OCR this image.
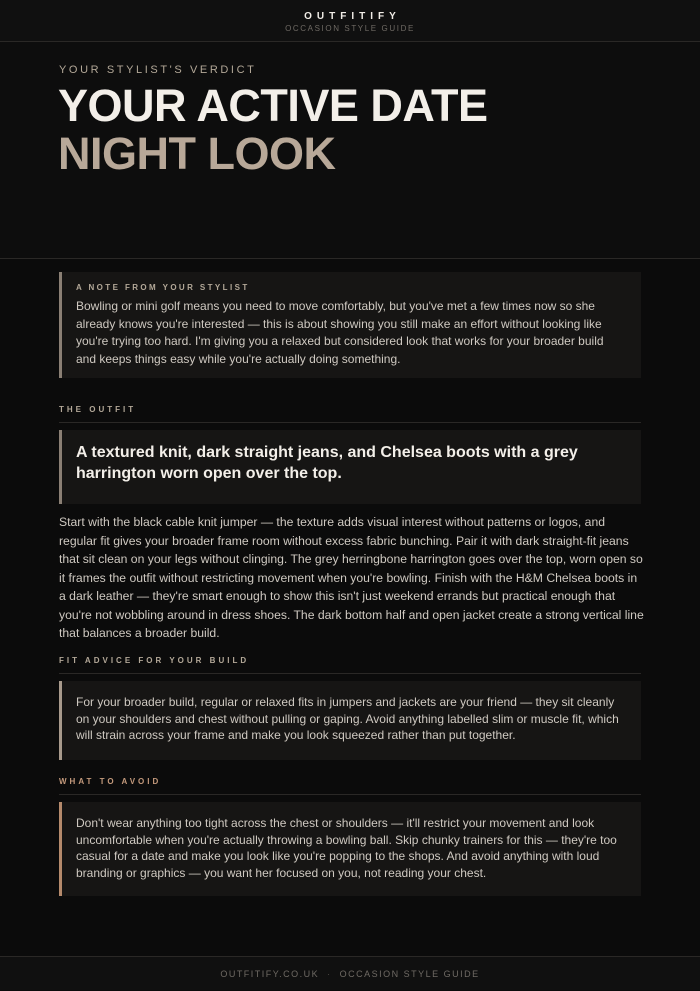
OUTFITIFY
OCCASION STYLE GUIDE
YOUR STYLIST'S VERDICT
YOUR ACTIVE DATE
NIGHT LOOK
A NOTE FROM YOUR STYLIST
Bowling or mini golf means you need to move comfortably, but you've met a few times now so she already knows you're interested — this is about showing you still make an effort without looking like you're trying too hard. I'm giving you a relaxed but considered look that works for your broader build and keeps things easy while you're actually doing something.
THE OUTFIT

A textured knit, dark straight jeans, and Chelsea boots with a grey harrington worn open over the top.

Start with the black cable knit jumper — the texture adds visual interest without patterns or logos, and regular fit gives your broader frame room without excess fabric bunching. Pair it with dark straight-fit jeans that sit clean on your legs without clinging. The grey herringbone harrington goes over the top, worn open so it frames the outfit without restricting movement when you're bowling. Finish with the H&M Chelsea boots in a dark leather — they're smart enough to show this isn't just weekend errands but practical enough that you're not wobbling around in dress shoes. The dark bottom half and open jacket create a strong vertical line that balances a broader build.

FIT ADVICE FOR YOUR BUILD

For your broader build, regular or relaxed fits in jumpers and jackets are your friend — they sit cleanly on your shoulders and chest without pulling or gaping. Avoid anything labelled slim or muscle fit, which will strain across your frame and make you look squeezed rather than put together.

WHAT TO AVOID

Don't wear anything too tight across the chest or shoulders — it'll restrict your movement and look uncomfortable when you're actually throwing a bowling ball. Skip chunky trainers for this — they're too casual for a date and make you look like you're popping to the shops. And avoid anything with loud branding or graphics — you want her focused on you, not reading your chest.

OUTFITIFY.CO.UK · OCCASION STYLE GUIDE
